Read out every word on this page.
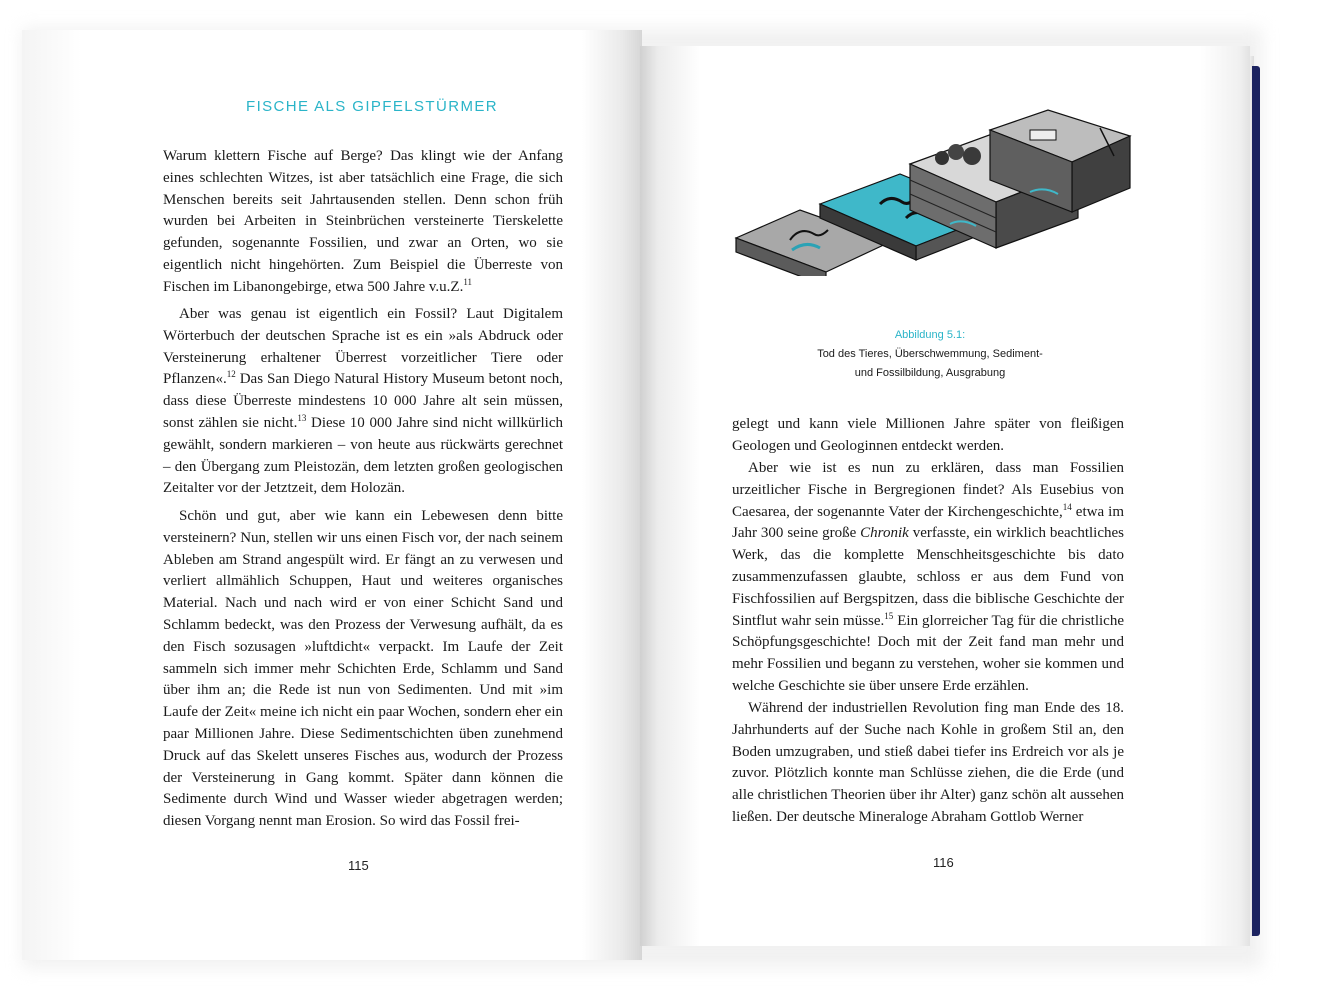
FISCHE ALS GIPFELSTÜRMER

Warum klettern Fische auf Berge? Das klingt wie der Anfang eines schlechten Witzes, ist aber tatsächlich eine Frage, die sich Menschen bereits seit Jahrtausenden stellen. Denn schon früh wurden bei Arbeiten in Steinbrüchen versteinerte Tierskelette gefunden, sogenannte Fossilien, und zwar an Orten, wo sie eigentlich nicht hingehörten. Zum Beispiel die Überreste von Fischen im Libanongebirge, etwa 500 Jahre v.u.Z.$^{11}$

Aber was genau ist eigentlich ein Fossil? Laut Digitalem Wörterbuch der deutschen Sprache ist es ein »als Abdruck oder Versteinerung erhaltener Überrest vorzeitlicher Tiere oder Pflanzen«.$^{12}$ Das San Diego Natural History Museum betont noch, dass diese Überreste mindestens 10 000 Jahre alt sein müssen, sonst zählen sie nicht.$^{13}$ Diese 10 000 Jahre sind nicht willkürlich gewählt, sondern markieren – von heute aus rückwärts gerechnet – den Übergang zum Pleistozän, dem letzten großen geologischen Zeitalter vor der Jetztzeit, dem Holozän.

Schön und gut, aber wie kann ein Lebewesen denn bitte versteinern? Nun, stellen wir uns einen Fisch vor, der nach seinem Ableben am Strand angespült wird. Er fängt an zu verwesen und verliert allmählich Schuppen, Haut und weiteres organisches Material. Nach und nach wird er von einer Schicht Sand und Schlamm bedeckt, was den Prozess der Verwesung aufhält, da es den Fisch sozusagen »luftdicht« verpackt. Im Laufe der Zeit sammeln sich immer mehr Schichten Erde, Schlamm und Sand über ihm an; die Rede ist nun von Sedimenten. Und mit »im Laufe der Zeit« meine ich nicht ein paar Wochen, sondern eher ein paar Millionen Jahre. Diese Sedimentschichten üben zunehmend Druck auf das Skelett unseres Fisches aus, wodurch der Prozess der Versteinerung in Gang kommt. Später dann können die Sedimente durch Wind und Wasser wieder abgetragen werden; diesen Vorgang nennt man Erosion. So wird das Fossil frei-

115
Abbildung 5.1:
Tod des Tieres, Überschwemmung, Sediment-
und Fossilbildung, Ausgrabung

gelegt und kann viele Millionen Jahre später von fleißigen Geologen und Geologinnen entdeckt werden.

Aber wie ist es nun zu erklären, dass man Fossilien urzeitlicher Fische in Bergregionen findet? Als Eusebius von Caesarea, der sogenannte Vater der Kirchengeschichte,$^{14}$ etwa im Jahr 300 seine große Chronik verfasste, ein wirklich beachtliches Werk, das die komplette Menschheitsgeschichte bis dato zusammenzufassen glaubte, schloss er aus dem Fund von Fischfossilien auf Bergspitzen, dass die biblische Geschichte der Sintflut wahr sein müsse.$^{15}$ Ein glorreicher Tag für die christliche Schöpfungsgeschichte! Doch mit der Zeit fand man mehr und mehr Fossilien und begann zu verstehen, woher sie kommen und welche Geschichte sie über unsere Erde erzählen.

Während der industriellen Revolution fing man Ende des 18. Jahrhunderts auf der Suche nach Kohle in großem Stil an, den Boden umzugraben, und stieß dabei tiefer ins Erdreich vor als je zuvor. Plötzlich konnte man Schlüsse ziehen, die die Erde (und alle christlichen Theorien über ihr Alter) ganz schön alt aussehen ließen. Der deutsche Mineraloge Abraham Gottlob Werner

116
